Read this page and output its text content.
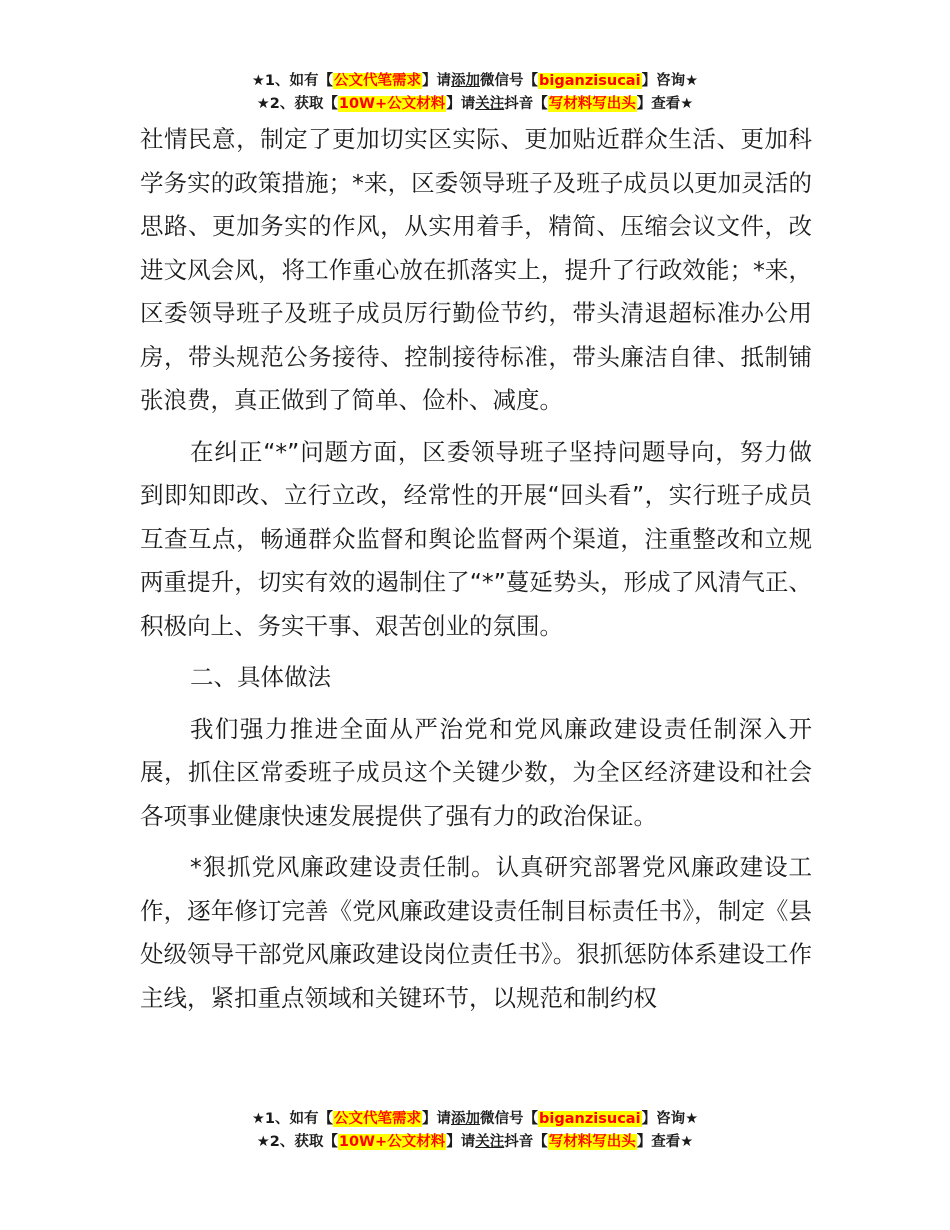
★1、如有【公文代笔需求】请添加微信号【biganzisucai】咨询★
★2、获取【10W+公文材料】请关注抖音【写材料写出头】查看★

社情民意，制定了更加切实区实际、更加贴近群众生活、更加科学务实的政策措施；*来，区委领导班子及班子成员以更加灵活的思路、更加务实的作风，从实用着手，精简、压缩会议文件，改进文风会风，将工作重心放在抓落实上，提升了行政效能；*来，区委领导班子及班子成员厉行勤俭节约，带头清退超标准办公用房，带头规范公务接待、控制接待标准，带头廉洁自律、抵制铺张浪费，真正做到了简单、俭朴、减度。

在纠正“*”问题方面，区委领导班子坚持问题导向，努力做到即知即改、立行立改，经常性的开展“回头看”，实行班子成员互查互点，畅通群众监督和舆论监督两个渠道，注重整改和立规两重提升，切实有效的遏制住了“*”蔓延势头，形成了风清气正、积极向上、务实干事、艰苦创业的氛围。

二、具体做法

我们强力推进全面从严治党和党风廉政建设责任制深入开展，抓住区常委班子成员这个关键少数，为全区经济建设和社会各项事业健康快速发展提供了强有力的政治保证。

*狠抓党风廉政建设责任制。认真研究部署党风廉政建设工作，逐年修订完善《党风廉政建设责任制目标责任书》，制定《县处级领导干部党风廉政建设岗位责任书》。狠抓惩防体系建设工作主线，紧扣重点领域和关键环节，以规范和制约权

★1、如有【公文代笔需求】请添加微信号【biganzisucai】咨询★
★2、获取【10W+公文材料】请关注抖音【写材料写出头】查看★
